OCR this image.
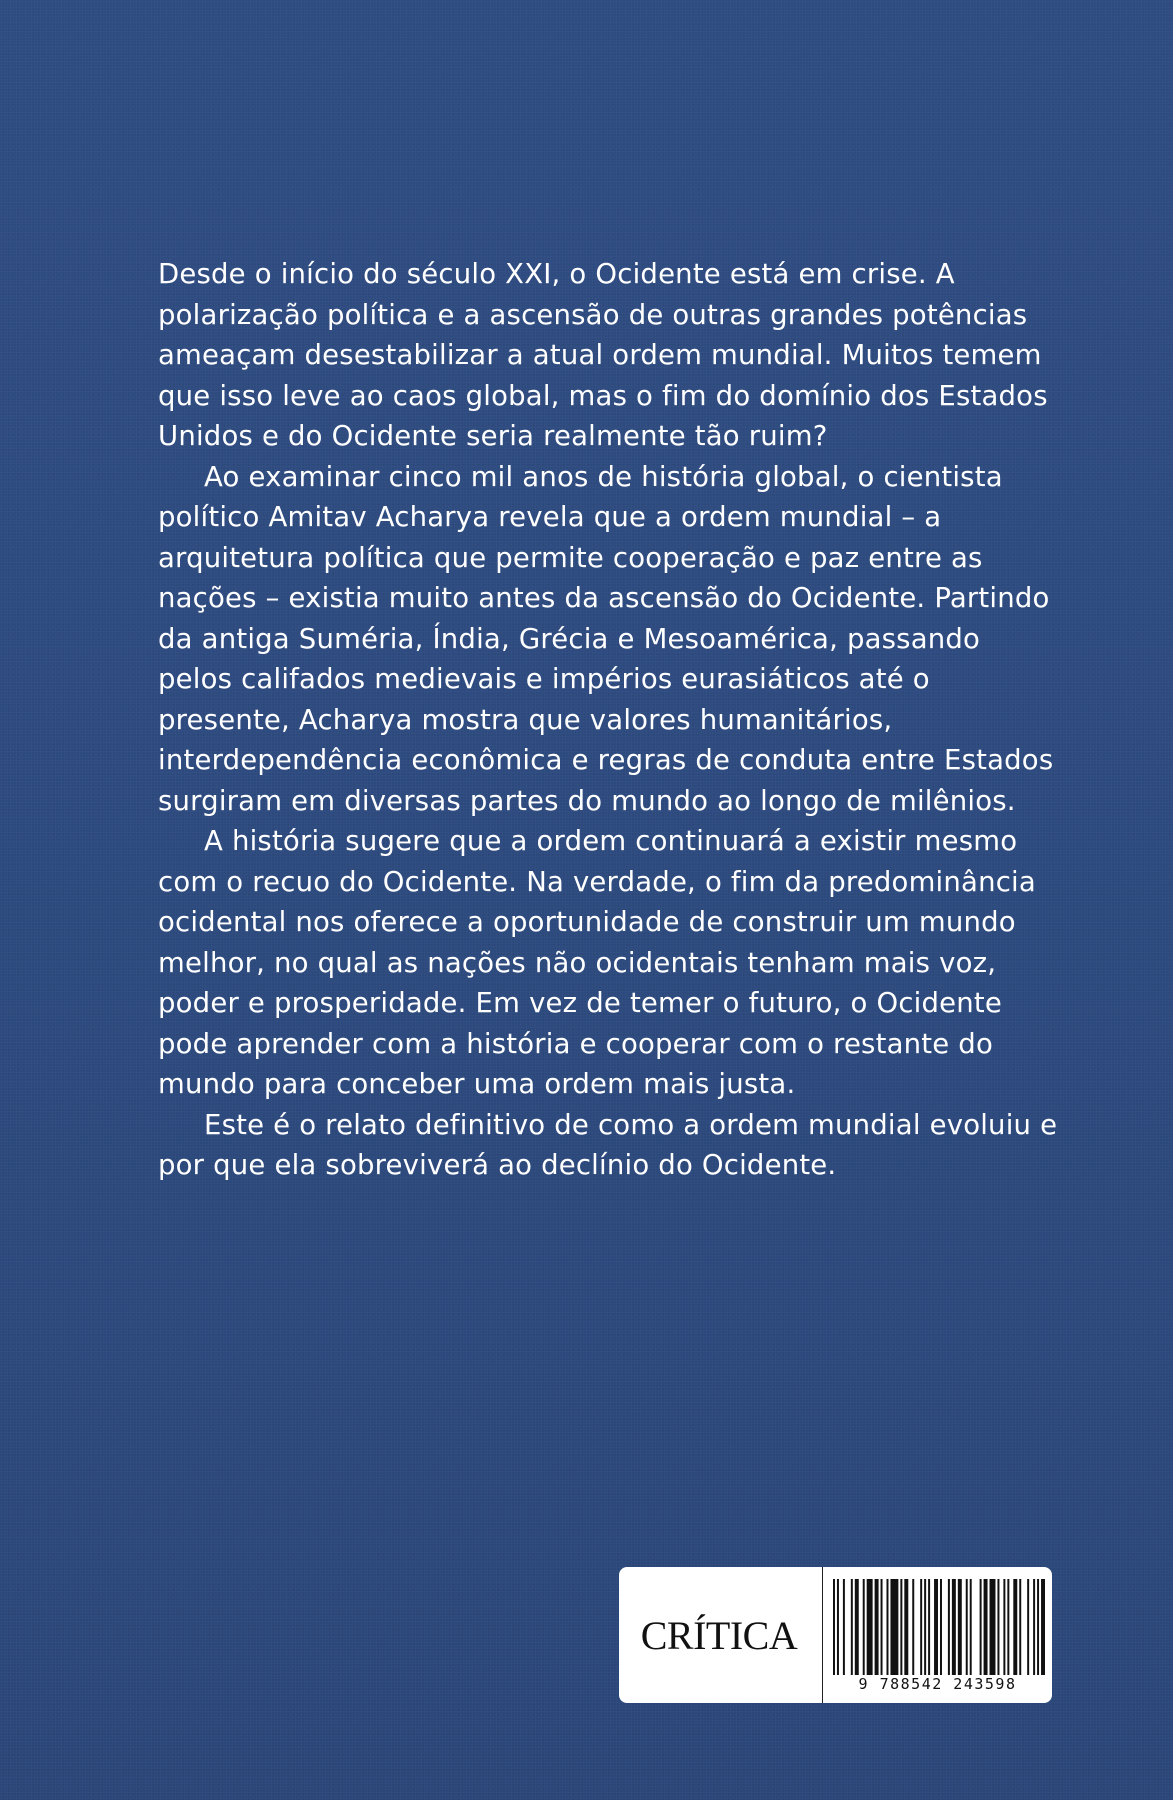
Desde o início do século XXI, o Ocidente está em crise. A polarização política e a ascensão de outras grandes potências ameaçam desestabilizar a atual ordem mundial. Muitos temem que isso leve ao caos global, mas o fim do domínio dos Estados Unidos e do Ocidente seria realmente tão ruim?

Ao examinar cinco mil anos de história global, o cientista político Amitav Acharya revela que a ordem mundial – a arquitetura política que permite cooperação e paz entre as nações – existia muito antes da ascensão do Ocidente. Partindo da antiga Suméria, Índia, Grécia e Mesoamérica, passando pelos califados medievais e impérios eurasiáticos até o presente, Acharya mostra que valores humanitários, interdependência econômica e regras de conduta entre Estados surgiram em diversas partes do mundo ao longo de milênios.

A história sugere que a ordem continuará a existir mesmo com o recuo do Ocidente. Na verdade, o fim da predominância ocidental nos oferece a oportunidade de construir um mundo melhor, no qual as nações não ocidentais tenham mais voz, poder e prosperidade. Em vez de temer o futuro, o Ocidente pode aprender com a história e cooperar com o restante do mundo para conceber uma ordem mais justa.

Este é o relato definitivo de como a ordem mundial evoluiu e por que ela sobreviverá ao declínio do Ocidente.

CRÍTICA
9 788542 243598
